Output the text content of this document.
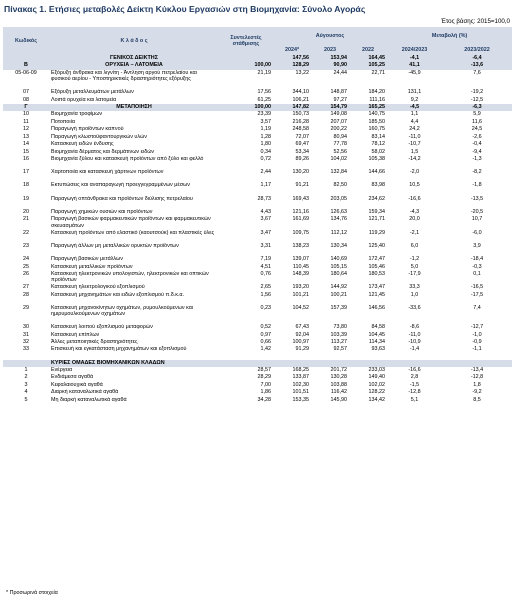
Πίνακας 1. Ετήσιες μεταβολές Δείκτη Κύκλου Εργασιών στη Βιομηχανία: Σύνολο Αγοράς
Έτος βάσης: 2015=100,0
Κωδικός	Κ λ ά δ ο ς	Συντελεστές στάθμισης	Αύγουστος			Μεταβολή (%)	
			2024*	2023	2022	2024/2023	2023/2022
	ΓΕΝΙΚΟΣ ΔΕΙΚΤΗΣ		147,56	153,94	164,45	-4,1	-6,4
B	ΟΡΥΧΕΙΑ – ΛΑΤΟΜΕΙΑ	100,00	128,29	90,90	105,25	41,1	-13,6
05-06-09	Εξόρυξη άνθρακα και λιγνίτη - Άντληση αργού πετρελαίου και φυσικού αερίου - Υποστηρικτικές δραστηριότητες εξόρυξης	21,19	13,22	24,44	22,71	-45,9	7,6
07	Εξόρυξη μεταλλευμάτων μετάλλων	17,56	344,10	148,87	184,20	131,1	-19,2
08	Λοιπά ορυχεία και λατομεία	61,25	106,21	97,27	111,16	9,2	-12,5
Γ	ΜΕΤΑΠΟΙΗΣΗ	100,00	147,82	154,79	165,25	-4,5	-6,3
10	Βιομηχανία τροφίμων	23,39	150,73	149,08	140,75	1,1	5,9
11	Ποτοποιία	3,57	216,28	207,07	185,50	4,4	11,6
12	Παραγωγή προϊόντων καπνού	1,19	248,58	200,22	160,75	24,2	24,5
13	Παραγωγή κλωστοϋφαντουργικών υλών	1,28	72,07	80,94	83,14	-11,0	-2,6
14	Κατασκευή ειδών ένδυσης	1,80	69,47	77,78	78,12	-10,7	-0,4
15	Βιομηχανία δέρματος και δερμάτινων ειδών	0,34	53,34	52,56	58,02	1,5	-9,4
16	Βιομηχανία ξύλου και κατασκευή προϊόντων από ξύλο και φελλό	0,72	89,26	104,02	105,38	-14,2	-1,3
17	Χαρτοποιία και κατασκευή χάρτινων προϊόντων	2,44	130,20	132,84	144,66	-2,0	-8,2
18	Εκτυπώσεις και αναπαραγωγή προεγγεγραμμένων μέσων	1,17	91,21	82,50	83,98	10,5	-1,8
19	Παραγωγή οπτάνθρακα και προϊόντων διύλισης πετρελαίου	28,73	169,43	203,05	234,62	-16,6	-13,5
20	Παραγωγή χημικών ουσιών και προϊόντων	4,43	121,16	126,63	159,34	-4,3	-20,5
21	Παραγωγή βασικών φαρμακευτικών προϊόντων και φαρμακευτικών σκευασμάτων	3,67	161,69	134,76	121,71	20,0	10,7
22	Κατασκευή προϊόντων από ελαστικό (καουτσούκ) και πλαστικές ύλες	3,47	109,75	112,12	119,29	-2,1	-6,0
23	Παραγωγή άλλων μη μεταλλικών ορυκτών προϊόντων	3,31	138,23	130,34	125,40	6,0	3,9
24	Παραγωγή βασικών μετάλλων	7,19	139,07	140,69	172,47	-1,2	-18,4
25	Κατασκευή μεταλλικών προϊόντων	4,51	110,45	105,15	105,46	5,0	-0,3
26	Κατασκευή ηλεκτρονικών υπολογιστών, ηλεκτρονικών και οπτικών προϊόντων	0,76	148,39	180,64	180,53	-17,9	0,1
27	Κατασκευή ηλεκτρολογικού εξοπλισμού	2,65	193,20	144,92	173,47	33,3	-16,5
28	Κατασκευή μηχανημάτων και ειδών εξοπλισμού π.δ.κ.α.	1,56	101,21	100,21	121,45	1,0	-17,5
29	Κατασκευή μηχανοκίνητων οχημάτων, ρυμουλκούμενων και ημιρυμουλκούμενων οχημάτων	0,23	104,52	157,39	146,56	-33,6	7,4
30	Κατασκευή λοιπού εξοπλισμού μεταφορών	0,52	67,43	73,80	84,58	-8,6	-12,7
31	Κατασκευή επίπλων	0,97	92,04	103,39	104,45	-11,0	-1,0
32	Άλλες μεταποιητικές δραστηριότητες	0,66	100,97	113,27	114,34	-10,9	-0,9
33	Επισκευή και εγκατάσταση μηχανημάτων και εξοπλισμού	1,42	91,29	92,57	93,63	-1,4	-1,1
	ΚΥΡΙΕΣ ΟΜΑΔΕΣ ΒΙΟΜΗΧΑΝΙΚΩΝ ΚΛΑΔΩΝ						
1	Ενέργεια	28,57	168,25	201,72	233,03	-16,6	-13,4
2	Ενδιάμεσα αγαθά	28,29	133,87	130,28	149,40	2,8	-12,8
3	Κεφαλαιουχικά αγαθά	7,00	102,30	103,88	102,02	-1,5	1,8
4	Διαρκή καταναλωτικά αγαθά	1,86	101,51	116,42	128,22	-12,8	-9,2
5	Μη διαρκή καταναλωτικά αγαθά	34,28	153,35	145,90	134,42	5,1	8,5
* Προσωρινά στοιχεία
